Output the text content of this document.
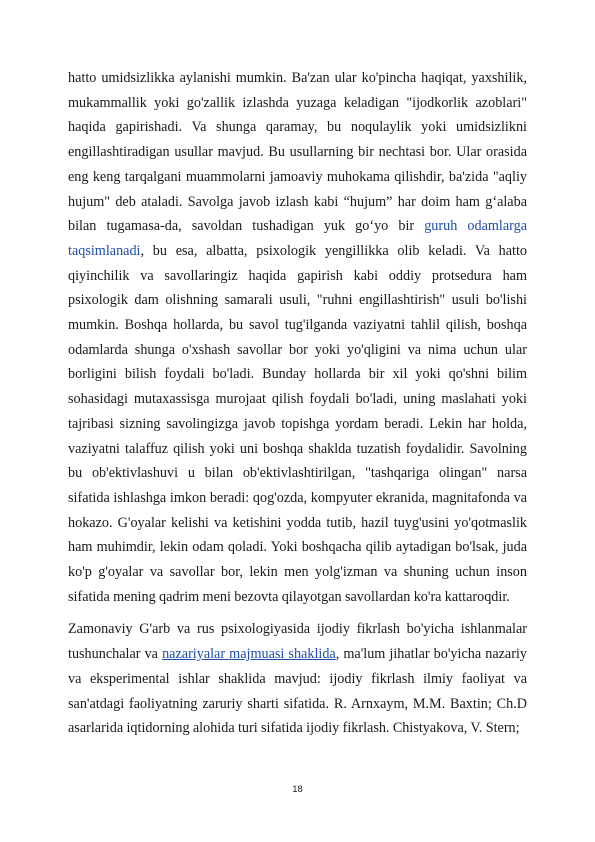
hatto umidsizlikka aylanishi mumkin. Ba'zan ular ko'pincha haqiqat, yaxshilik, mukammallik yoki go'zallik izlashda yuzaga keladigan "ijodkorlik azoblari" haqida gapirishadi. Va shunga qaramay, bu noqulaylik yoki umidsizlikni engillashtiradigan usullar mavjud. Bu usullarning bir nechtasi bor. Ular orasida eng keng tarqalgani muammolarni jamoaviy muhokama qilishdir, ba'zida "aqliy hujum" deb ataladi. Savolga javob izlash kabi “hujum” har doim ham g‘alaba bilan tugamasa-da, savoldan tushadigan yuk go‘yo bir guruh odamlarga taqsimlanadi, bu esa, albatta, psixologik yengillikka olib keladi. Va hatto qiyinchilik va savollaringiz haqida gapirish kabi oddiy protsedura ham psixologik dam olishning samarali usuli, "ruhni engillashtirish" usuli bo'lishi mumkin. Boshqa hollarda, bu savol tug'ilganda vaziyatni tahlil qilish, boshqa odamlarda shunga o'xshash savollar bor yoki yo'qligini va nima uchun ular borligini bilish foydali bo'ladi. Bunday hollarda bir xil yoki qo'shni bilim sohasidagi mutaxassisga murojaat qilish foydali bo'ladi, uning maslahati yoki tajribasi sizning savolingizga javob topishga yordam beradi. Lekin har holda, vaziyatni talaffuz qilish yoki uni boshqa shaklda tuzatish foydalidir. Savolning bu ob'ektivlashuvi u bilan ob'ektivlashtirilgan, "tashqariga olingan" narsa sifatida ishlashga imkon beradi: qog'ozda, kompyuter ekranida, magnitafonda va hokazo. G'oyalar kelishi va ketishini yodda tutib, hazil tuyg'usini yo'qotmaslik ham muhimdir, lekin odam qoladi. Yoki boshqacha qilib aytadigan bo'lsak, juda ko'p g'oyalar va savollar bor, lekin men yolg'izman va shuning uchun inson sifatida mening qadrim meni bezovta qilayotgan savollardan ko'ra kattaroqdir.

Zamonaviy G'arb va rus psixologiyasida ijodiy fikrlash bo'yicha ishlanmalar tushunchalar va nazariyalar majmuasi shaklida, ma'lum jihatlar bo'yicha nazariy va eksperimental ishlar shaklida mavjud: ijodiy fikrlash ilmiy faoliyat va san'atdagi faoliyatning zaruriy sharti sifatida. R. Arnxaym, M.M. Baxtin; Ch.D asarlarida iqtidorning alohida turi sifatida ijodiy fikrlash. Chistyakova, V. Stern;

18
